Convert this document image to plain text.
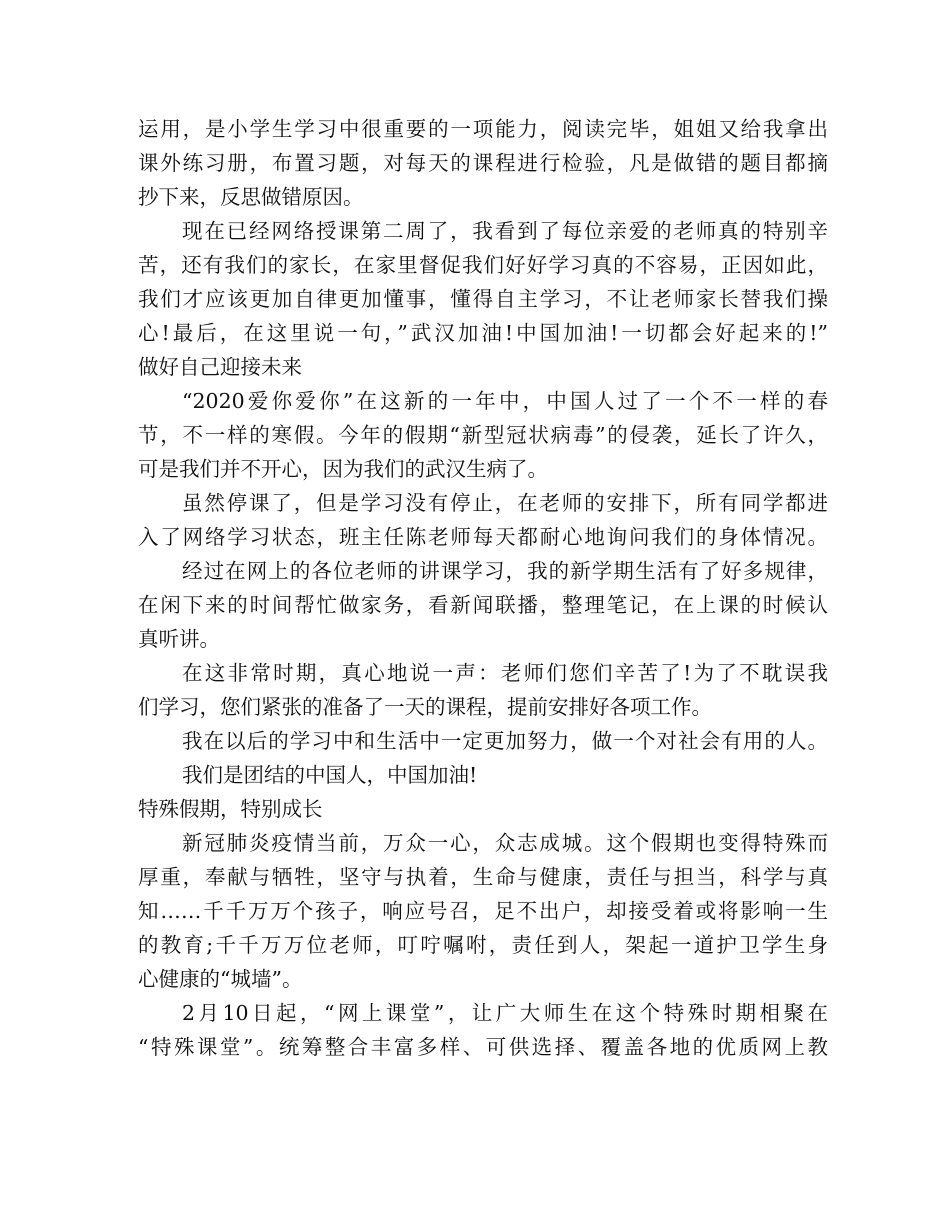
运用，是小学生学习中很重要的一项能力，阅读完毕，姐姐又给我拿出
课外练习册，布置习题，对每天的课程进行检验，凡是做错的题目都摘
抄下来，反思做错原因。
现在已经网络授课第二周了，我看到了每位亲爱的老师真的特别辛
苦，还有我们的家长，在家里督促我们好好学习真的不容易，正因如此，
我们才应该更加自律更加懂事，懂得自主学习，不让老师家长替我们操
心!最后，在这里说一句，”武汉加油!中国加油!一切都会好起来的!”
做好自己迎接未来
“2020爱你爱你”在这新的一年中，中国人过了一个不一样的春
节，不一样的寒假。今年的假期“新型冠状病毒”的侵袭，延长了许久，
可是我们并不开心，因为我们的武汉生病了。
虽然停课了，但是学习没有停止，在老师的安排下，所有同学都进
入了网络学习状态，班主任陈老师每天都耐心地询问我们的身体情况。
经过在网上的各位老师的讲课学习，我的新学期生活有了好多规律，
在闲下来的时间帮忙做家务，看新闻联播，整理笔记，在上课的时候认
真听讲。
在这非常时期，真心地说一声：老师们您们辛苦了!为了不耽误我
们学习，您们紧张的准备了一天的课程，提前安排好各项工作。
我在以后的学习中和生活中一定更加努力，做一个对社会有用的人。
我们是团结的中国人，中国加油!
特殊假期，特别成长
新冠肺炎疫情当前，万众一心，众志成城。这个假期也变得特殊而
厚重，奉献与牺牲，坚守与执着，生命与健康，责任与担当，科学与真
知……千千万万个孩子，响应号召，足不出户，却接受着或将影响一生
的教育;千千万万位老师，叮咛嘱咐，责任到人，架起一道护卫学生身
心健康的“城墙”。
2月10日起，“网上课堂”，让广大师生在这个特殊时期相聚在
“特殊课堂”。统筹整合丰富多样、可供选择、覆盖各地的优质网上教
